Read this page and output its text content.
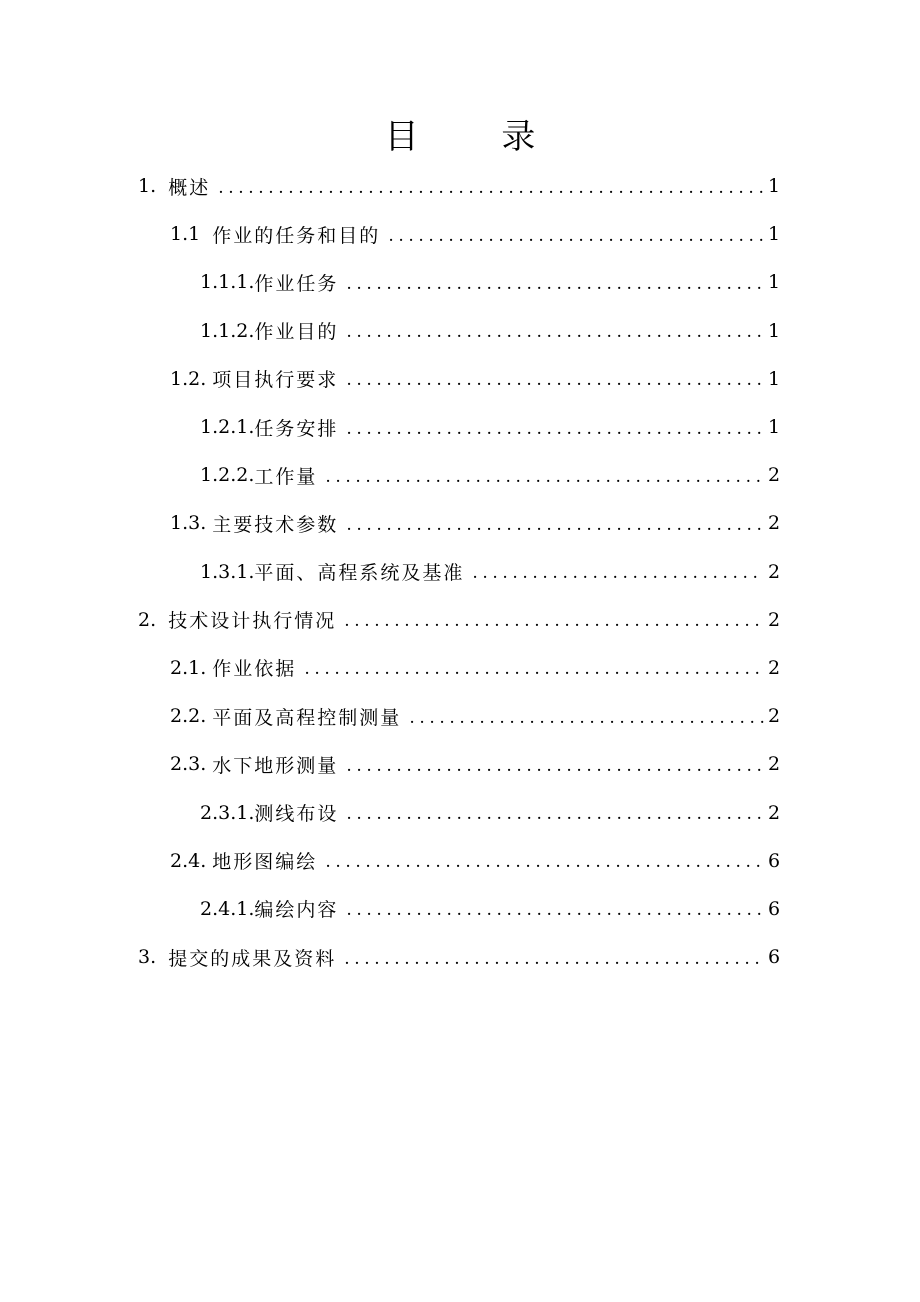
目 录
1. 概述 .....	1
1.1 作业的任务和目的 .....	1
1.1.1. 作业任务 .....	1
1.1.2. 作业目的 .....	1
1.2. 项目执行要求 .....	1
1.2.1. 任务安排 .....	1
1.2.2. 工作量 .....	2
1.3. 主要技术参数 .....	2
1.3.1. 平面、高程系统及基准 .....	2
2. 技术设计执行情况 .....	2
2.1. 作业依据 .....	2
2.2. 平面及高程控制测量 .....	2
2.3. 水下地形测量 .....	2
2.3.1. 测线布设 .....	2
2.4. 地形图编绘 .....	6
2.4.1. 编绘内容 .....	6
3. 提交的成果及资料 .....	6
